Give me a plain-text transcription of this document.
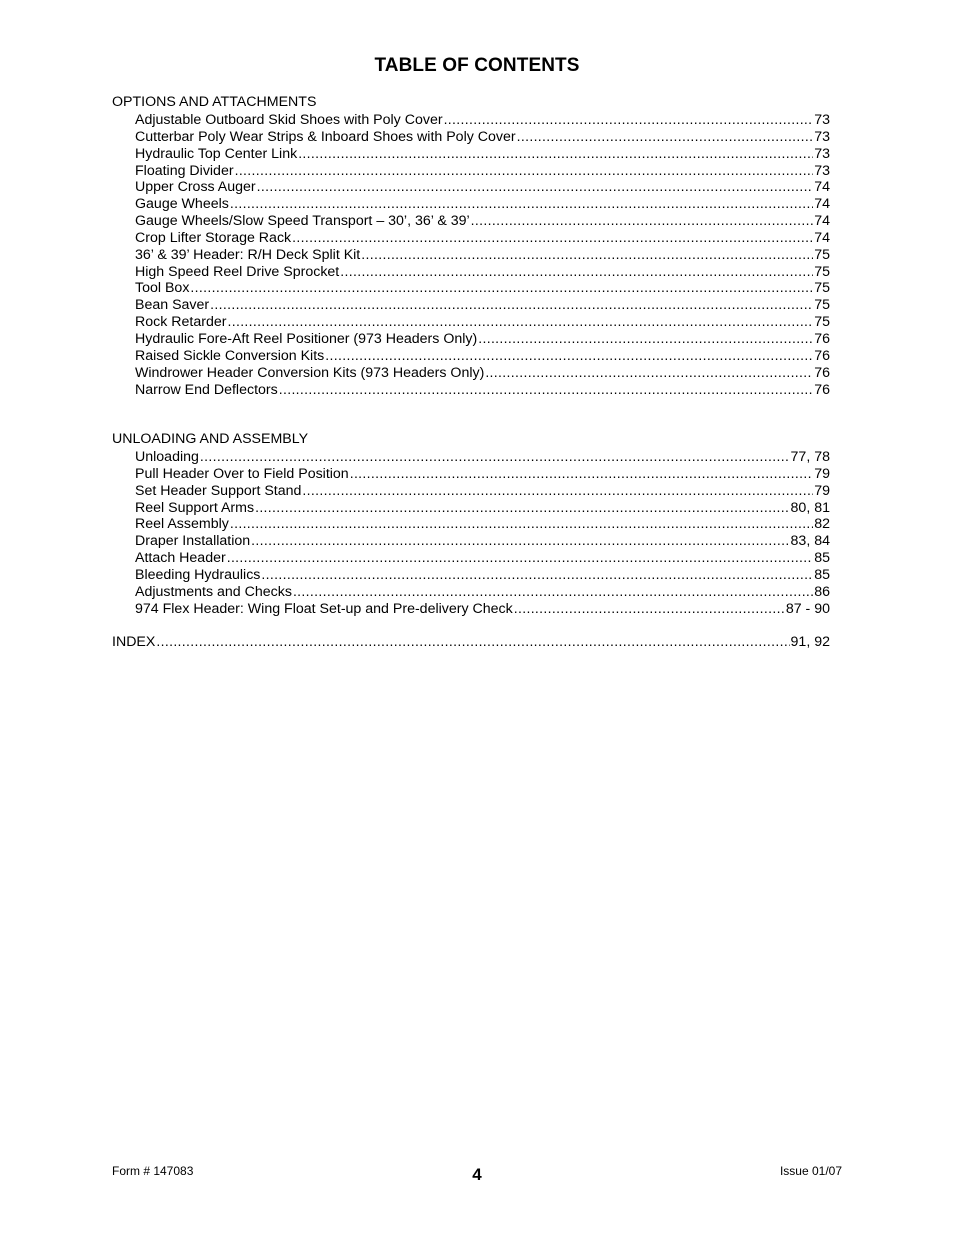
TABLE OF CONTENTS
OPTIONS AND ATTACHMENTS
Adjustable Outboard Skid Shoes with Poly Cover .....	73
Cutterbar Poly Wear Strips & Inboard Shoes with Poly Cover .....	73
Hydraulic Top Center Link .....	73
Floating Divider .....	73
Upper Cross Auger .....	74
Gauge Wheels .....	74
Gauge Wheels/Slow Speed Transport – 30’, 36’ & 39’ .....	74
Crop Lifter Storage Rack .....	74
36’ & 39’ Header: R/H Deck Split Kit .....	75
High Speed Reel Drive Sprocket .....	75
Tool Box .....	75
Bean Saver .....	75
Rock Retarder .....	75
Hydraulic Fore-Aft Reel Positioner (973 Headers Only) .....	76
Raised Sickle Conversion Kits .....	76
Windrower Header Conversion Kits (973 Headers Only) .....	76
Narrow End Deflectors .....	76
UNLOADING AND ASSEMBLY
Unloading .....	77, 78
Pull Header Over to Field Position .....	79
Set Header Support Stand .....	79
Reel Support Arms .....	80, 81
Reel Assembly .....	82
Draper Installation .....	83, 84
Attach Header .....	85
Bleeding Hydraulics .....	85
Adjustments and Checks .....	86
974 Flex Header: Wing Float Set-up and Pre-delivery Check .....	87 - 90
INDEX .....	91, 92
Form # 147083	4	Issue 01/07
